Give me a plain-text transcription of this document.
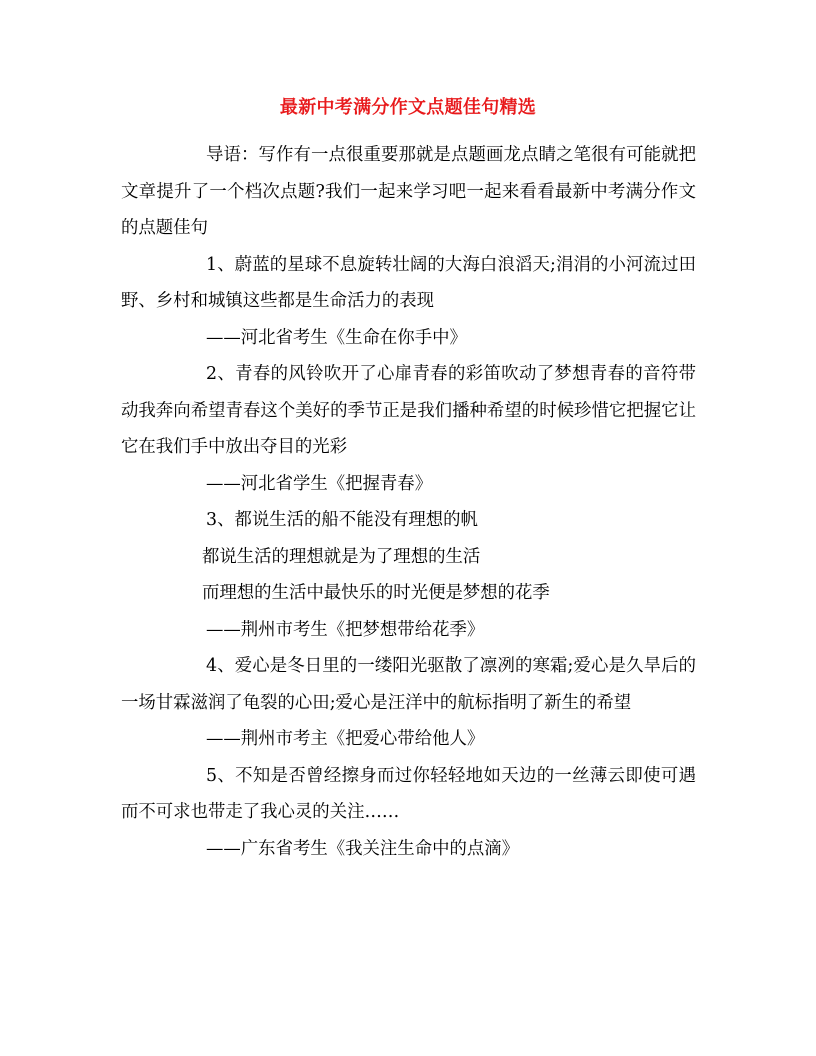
最新中考满分作文点题佳句精选

导语：写作有一点很重要那就是点题画龙点睛之笔很有可能就把文章提升了一个档次点题?我们一起来学习吧一起来看看最新中考满分作文的点题佳句

1、蔚蓝的星球不息旋转壮阔的大海白浪滔天;涓涓的小河流过田野、乡村和城镇这些都是生命活力的表现

——河北省考生《生命在你手中》

2、青春的风铃吹开了心扉青春的彩笛吹动了梦想青春的音符带动我奔向希望青春这个美好的季节正是我们播种希望的时候珍惜它把握它让它在我们手中放出夺目的光彩

——河北省学生《把握青春》

3、都说生活的船不能没有理想的帆

都说生活的理想就是为了理想的生活

而理想的生活中最快乐的时光便是梦想的花季

——荆州市考生《把梦想带给花季》

4、爱心是冬日里的一缕阳光驱散了凛冽的寒霜;爱心是久旱后的一场甘霖滋润了龟裂的心田;爱心是汪洋中的航标指明了新生的希望

——荆州市考主《把爱心带给他人》

5、不知是否曾经擦身而过你轻轻地如天边的一丝薄云即使可遇而不可求也带走了我心灵的关注……

——广东省考生《我关注生命中的点滴》
